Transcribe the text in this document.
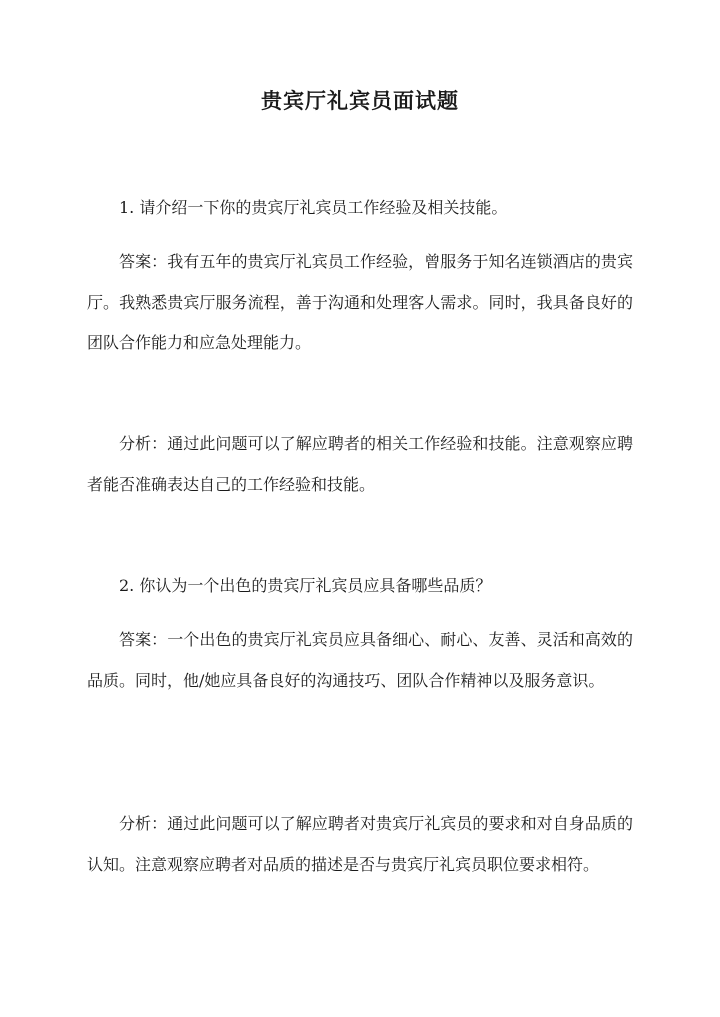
贵宾厅礼宾员面试题

1. 请介绍一下你的贵宾厅礼宾员工作经验及相关技能。

答案：我有五年的贵宾厅礼宾员工作经验，曾服务于知名连锁酒店的贵宾厅。我熟悉贵宾厅服务流程，善于沟通和处理客人需求。同时，我具备良好的团队合作能力和应急处理能力。

分析：通过此问题可以了解应聘者的相关工作经验和技能。注意观察应聘者能否准确表达自己的工作经验和技能。

2. 你认为一个出色的贵宾厅礼宾员应具备哪些品质？

答案：一个出色的贵宾厅礼宾员应具备细心、耐心、友善、灵活和高效的品质。同时，他/她应具备良好的沟通技巧、团队合作精神以及服务意识。

分析：通过此问题可以了解应聘者对贵宾厅礼宾员的要求和对自身品质的认知。注意观察应聘者对品质的描述是否与贵宾厅礼宾员职位要求相符。
